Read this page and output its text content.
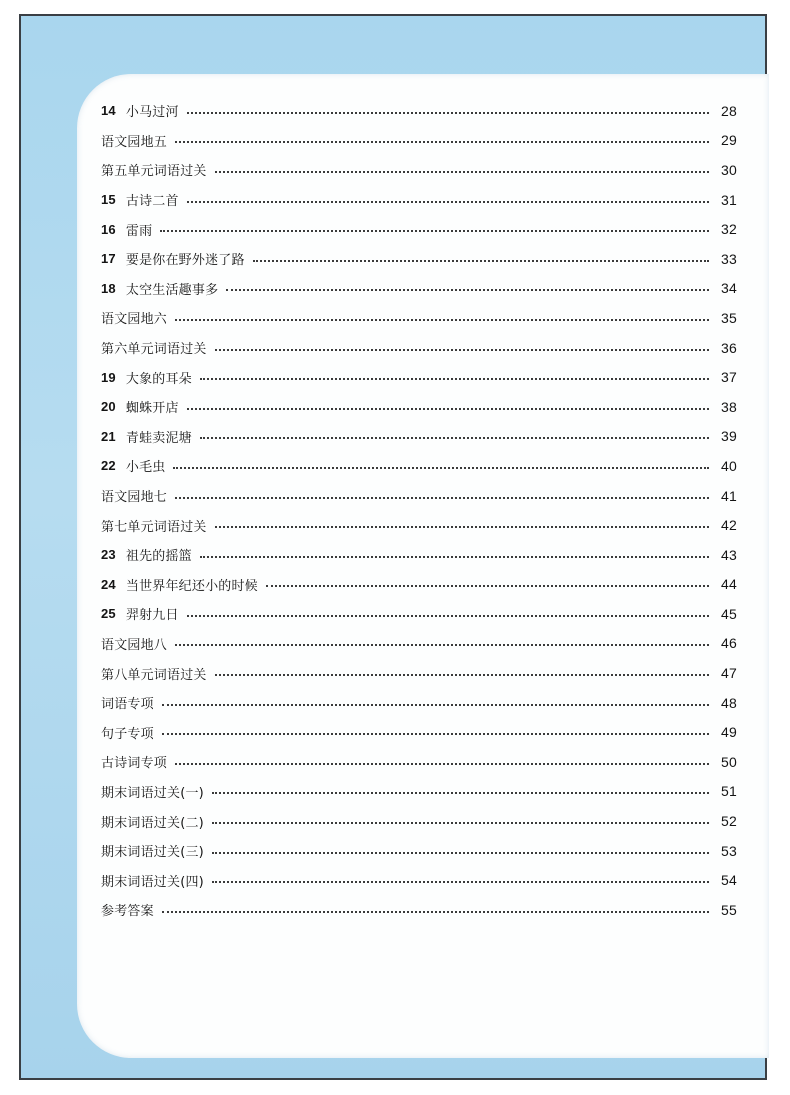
14 小马过河	28
语文园地五	29
第五单元词语过关	30
15 古诗二首	31
16 雷雨	32
17 要是你在野外迷了路	33
18 太空生活趣事多	34
语文园地六	35
第六单元词语过关	36
19 大象的耳朵	37
20 蜘蛛开店	38
21 青蛙卖泥塘	39
22 小毛虫	40
语文园地七	41
第七单元词语过关	42
23 祖先的摇篮	43
24 当世界年纪还小的时候	44
25 羿射九日	45
语文园地八	46
第八单元词语过关	47
词语专项	48
句子专项	49
古诗词专项	50
期末词语过关(一)	51
期末词语过关(二)	52
期末词语过关(三)	53
期末词语过关(四)	54
参考答案	55
